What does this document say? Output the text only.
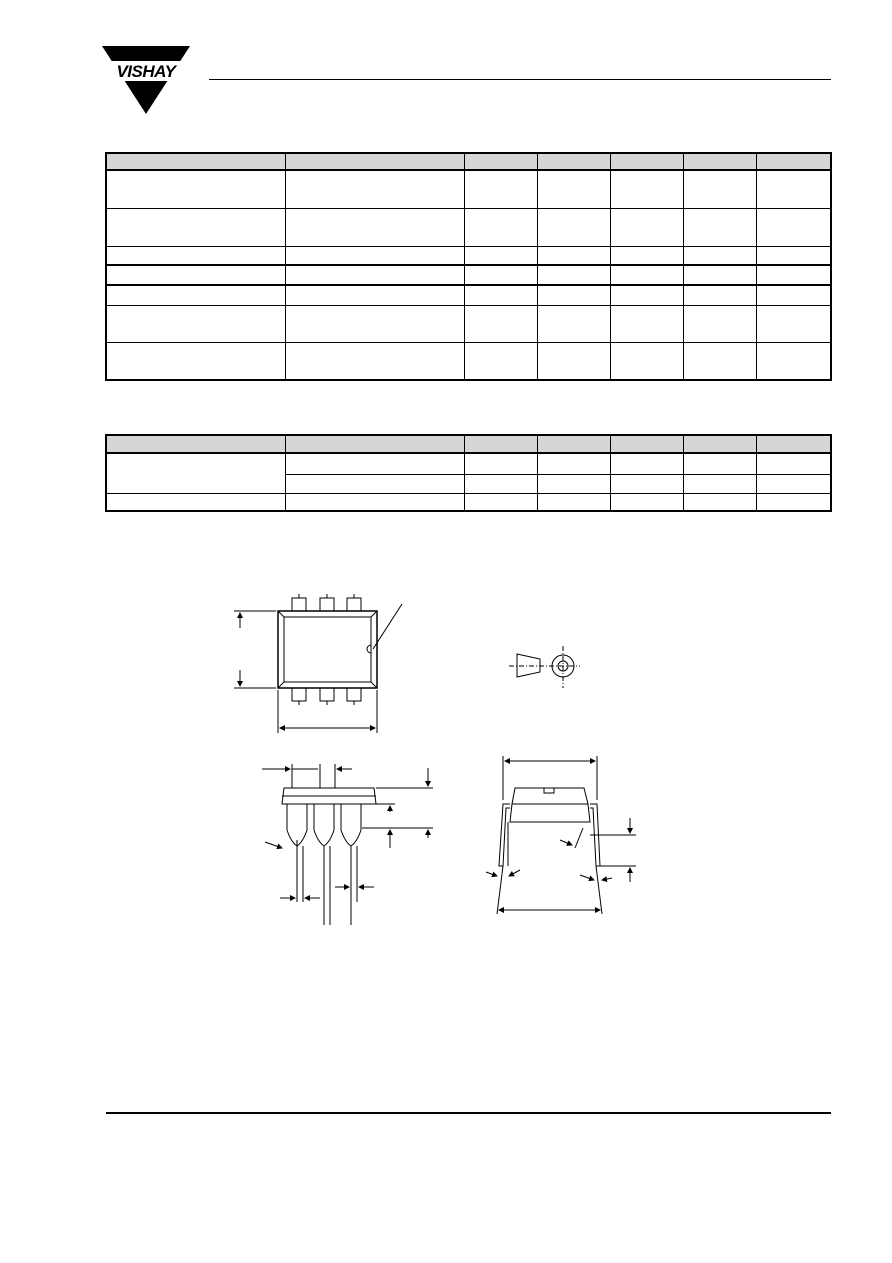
VISHAY
